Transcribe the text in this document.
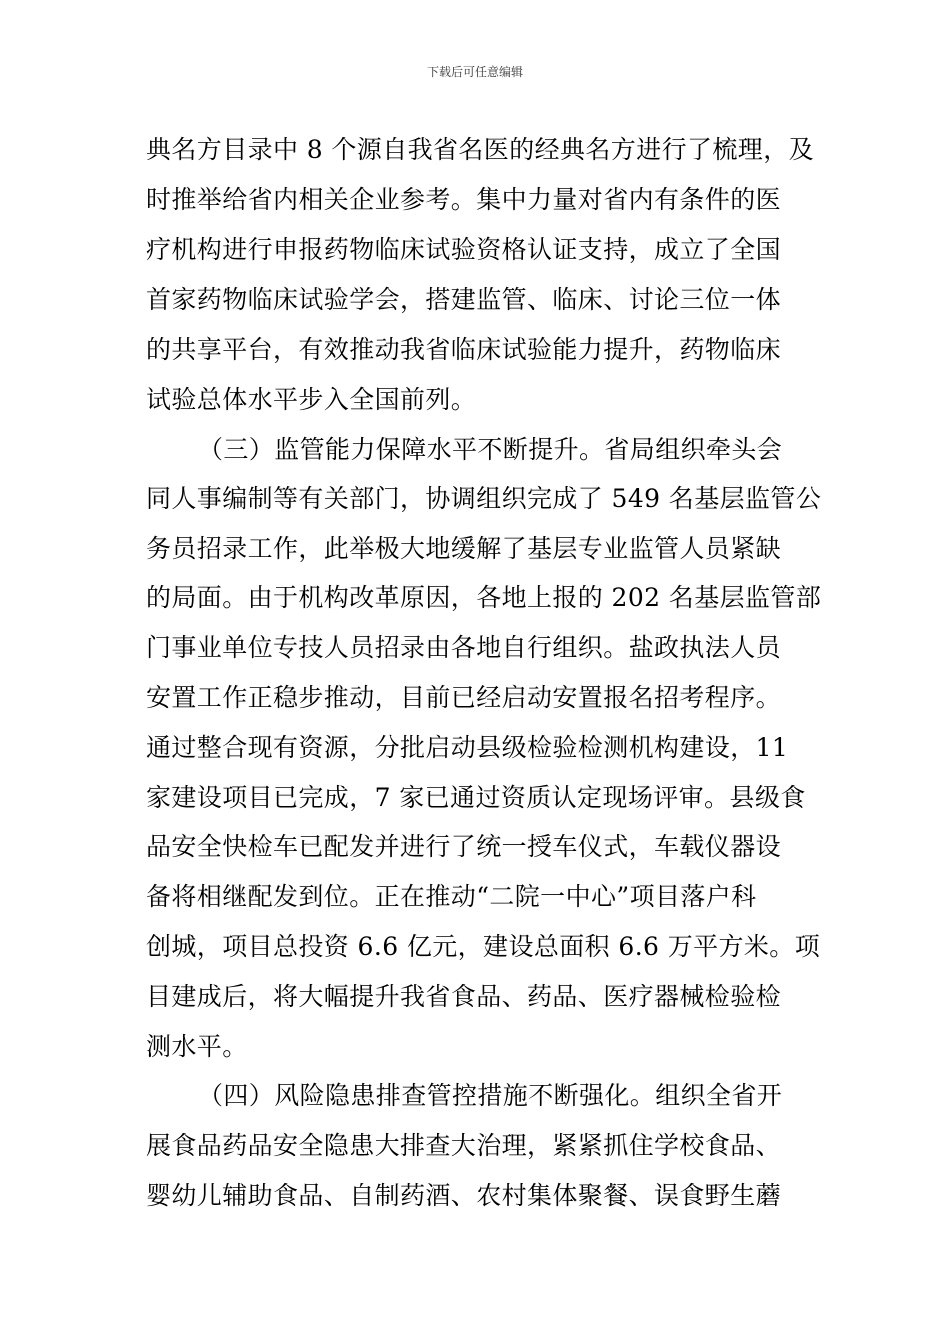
下载后可任意编辑
典名方目录中 8 个源自我省名医的经典名方进行了梳理，及
时推举给省内相关企业参考。集中力量对省内有条件的医
疗机构进行申报药物临床试验资格认证支持，成立了全国
首家药物临床试验学会，搭建监管、临床、讨论三位一体
的共享平台，有效推动我省临床试验能力提升，药物临床
试验总体水平步入全国前列。
（三）监管能力保障水平不断提升。省局组织牵头会
同人事编制等有关部门，协调组织完成了 549 名基层监管公
务员招录工作，此举极大地缓解了基层专业监管人员紧缺
的局面。由于机构改革原因，各地上报的 202 名基层监管部
门事业单位专技人员招录由各地自行组织。盐政执法人员
安置工作正稳步推动，目前已经启动安置报名招考程序。
通过整合现有资源，分批启动县级检验检测机构建设，11
家建设项目已完成，7 家已通过资质认定现场评审。县级食
品安全快检车已配发并进行了统一授车仪式，车载仪器设
备将相继配发到位。正在推动“二院一中心”项目落户科
创城，项目总投资 6.6 亿元，建设总面积 6.6 万平方米。项
目建成后，将大幅提升我省食品、药品、医疗器械检验检
测水平。
（四）风险隐患排查管控措施不断强化。组织全省开
展食品药品安全隐患大排查大治理，紧紧抓住学校食品、
婴幼儿辅助食品、自制药酒、农村集体聚餐、误食野生蘑
